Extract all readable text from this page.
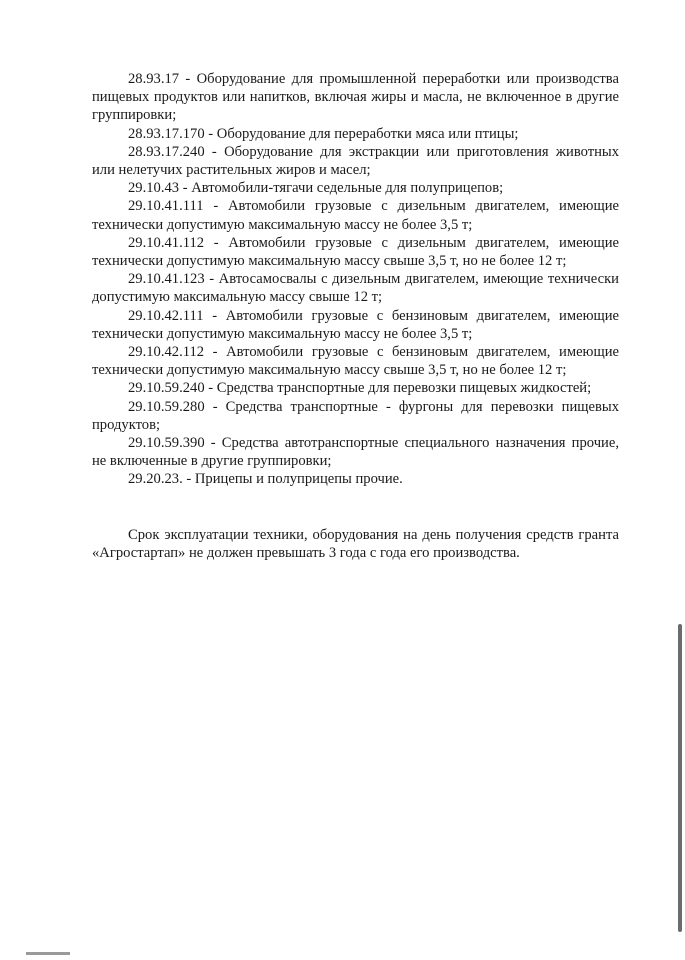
28.93.17 - Оборудование для промышленной переработки или производства пищевых продуктов или напитков, включая жиры и масла, не включенное в другие группировки;

28.93.17.170 - Оборудование для переработки мяса или птицы;

28.93.17.240 - Оборудование для экстракции или приготовления животных или нелетучих растительных жиров и масел;

29.10.43 - Автомобили-тягачи седельные для полуприцепов;

29.10.41.111 - Автомобили грузовые с дизельным двигателем, имеющие технически допустимую максимальную массу не более 3,5 т;

29.10.41.112 - Автомобили грузовые с дизельным двигателем, имеющие технически допустимую максимальную массу свыше 3,5 т, но не более 12 т;

29.10.41.123 - Автосамосвалы с дизельным двигателем, имеющие технически допустимую максимальную массу свыше 12 т;

29.10.42.111 - Автомобили грузовые с бензиновым двигателем, имеющие технически допустимую максимальную массу не более 3,5 т;

29.10.42.112 - Автомобили грузовые с бензиновым двигателем, имеющие технически допустимую максимальную массу свыше 3,5 т, но не более 12 т;

29.10.59.240 - Средства транспортные для перевозки пищевых жидкостей;

29.10.59.280 - Средства транспортные - фургоны для перевозки пищевых продуктов;

29.10.59.390 - Средства автотранспортные специального назначения прочие, не включенные в другие группировки;

29.20.23. - Прицепы и полуприцепы прочие.

Срок эксплуатации техники, оборудования на день получения средств гранта «Агростартап» не должен превышать 3 года с года его производства.
